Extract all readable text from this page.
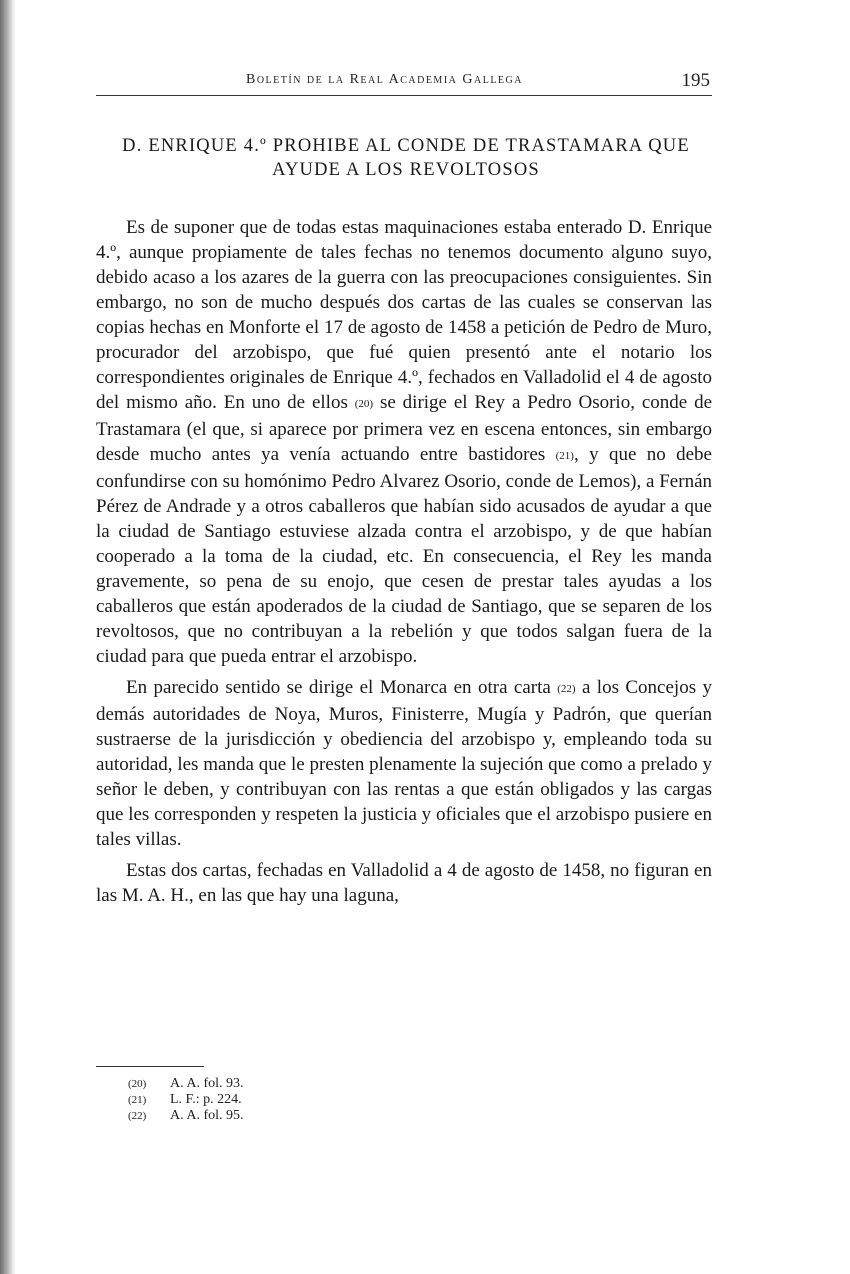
Boletín de la Real Academia Gallega	195
D. ENRIQUE 4.º PROHIBE AL CONDE DE TRASTAMARA QUE
AYUDE A LOS REVOLTOSOS

Es de suponer que de todas estas maquinaciones estaba enterado D. Enrique 4.º, aunque propiamente de tales fechas no tenemos documento alguno suyo, debido acaso a los azares de la guerra con las preocupaciones consiguientes. Sin embargo, no son de mucho después dos cartas de las cuales se conservan las copias hechas en Monforte el 17 de agosto de 1458 a petición de Pedro de Muro, procurador del arzobispo, que fué quien presentó ante el notario los correspondientes originales de Enrique 4.º, fechados en Valladolid el 4 de agosto del mismo año. En uno de ellos (20) se dirige el Rey a Pedro Osorio, conde de Trastamara (el que, si aparece por primera vez en escena entonces, sin embargo desde mucho antes ya venía actuando entre bastidores (21), y que no debe confundirse con su homónimo Pedro Alvarez Osorio, conde de Lemos), a Fernán Pérez de Andrade y a otros caballeros que habían sido acusados de ayudar a que la ciudad de Santiago estuviese alzada contra el arzobispo, y de que habían cooperado a la toma de la ciudad, etc. En consecuencia, el Rey les manda gravemente, so pena de su enojo, que cesen de prestar tales ayudas a los caballeros que están apoderados de la ciudad de Santiago, que se separen de los revoltosos, que no contribuyan a la rebelión y que todos salgan fuera de la ciudad para que pueda entrar el arzobispo.

En parecido sentido se dirige el Monarca en otra carta (22) a los Concejos y demás autoridades de Noya, Muros, Finisterre, Mugía y Padrón, que querían sustraerse de la jurisdicción y obediencia del arzobispo y, empleando toda su autoridad, les manda que le presten plenamente la sujeción que como a prelado y señor le deben, y contribuyan con las rentas a que están obligados y las cargas que les corresponden y respeten la justicia y oficiales que el arzobispo pusiere en tales villas.

Estas dos cartas, fechadas en Valladolid a 4 de agosto de 1458, no figuran en las M. A. H., en las que hay una laguna,

(20) A. A. fol. 93.
(21) L. F.: p. 224.
(22) A. A. fol. 95.
